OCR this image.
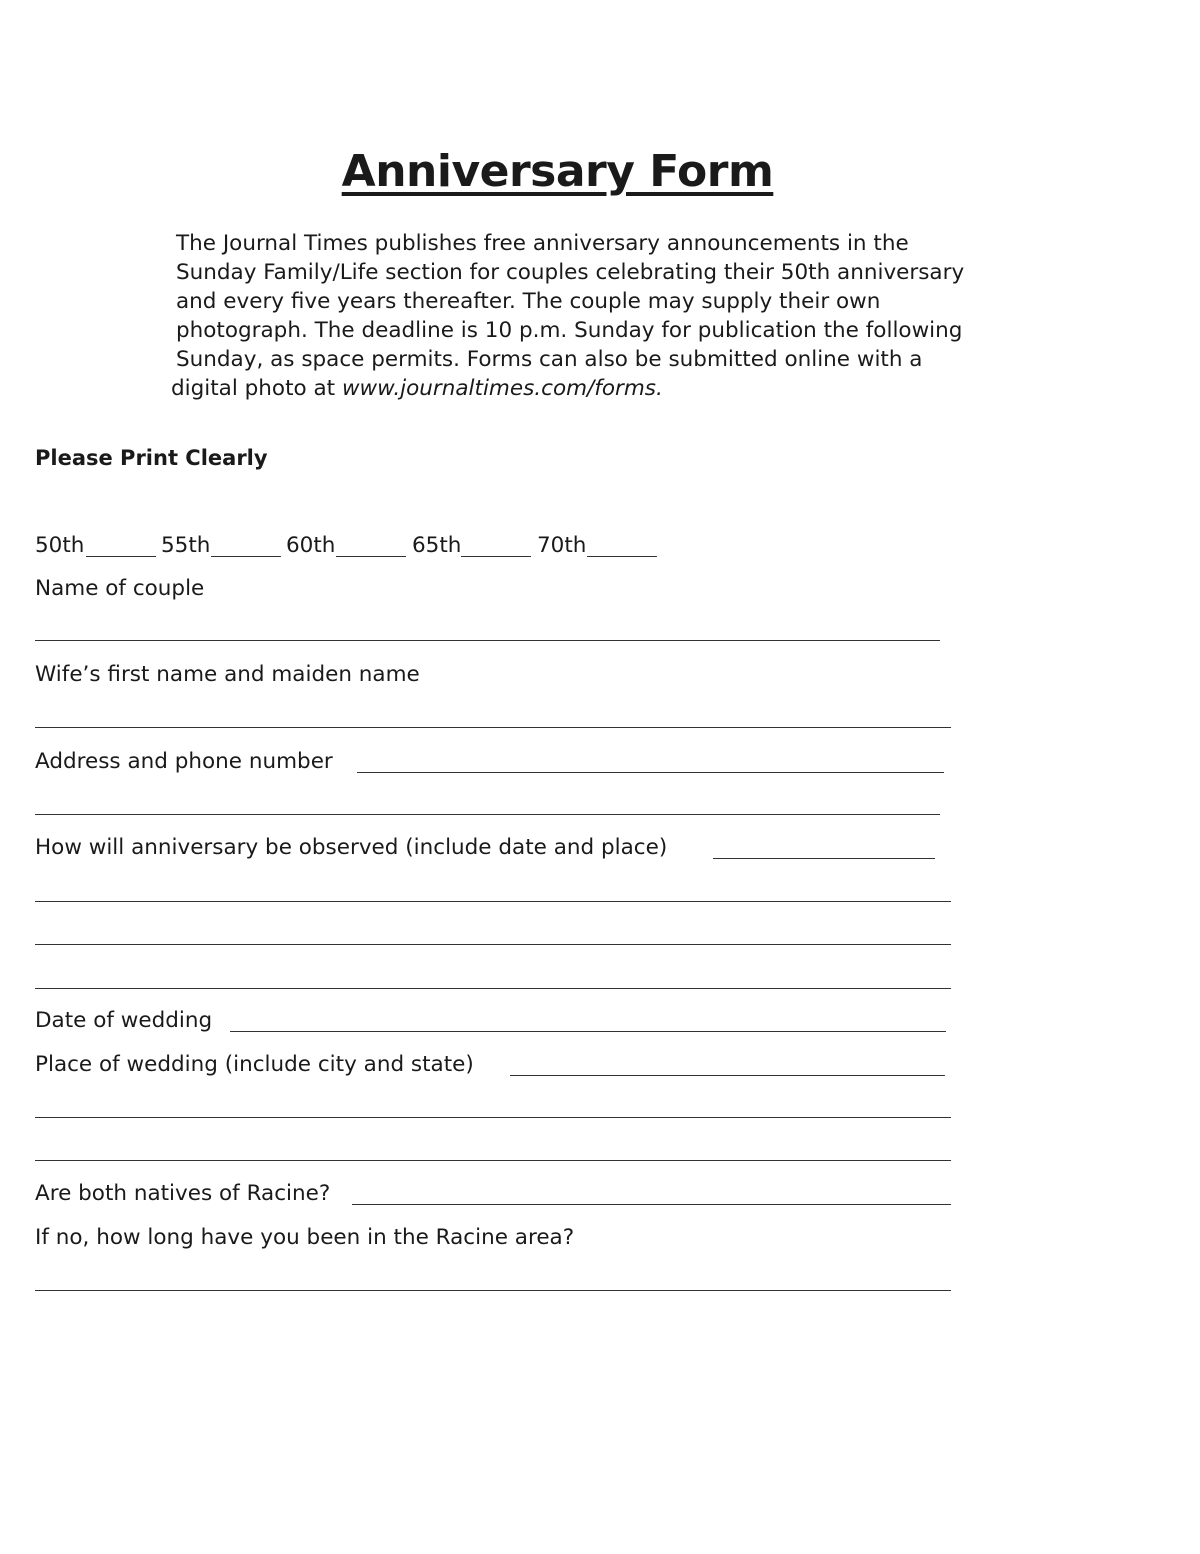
Anniversary Form

The Journal Times publishes free anniversary announcements in the
Sunday Family/Life section for couples celebrating their 50th anniversary
and every five years thereafter. The couple may supply their own
photograph. The deadline is 10 p.m. Sunday for publication the following
Sunday, as space permits. Forms can also be submitted online with a
digital photo at www.journaltimes.com/forms.

Please Print Clearly

50th	55th	60th	65th	70th
Name of couple
Wife’s first name and maiden name
Address and phone number
How will anniversary be observed (include date and place)
Date of wedding
Place of wedding (include city and state)
Are both natives of Racine?
If no, how long have you been in the Racine area?
